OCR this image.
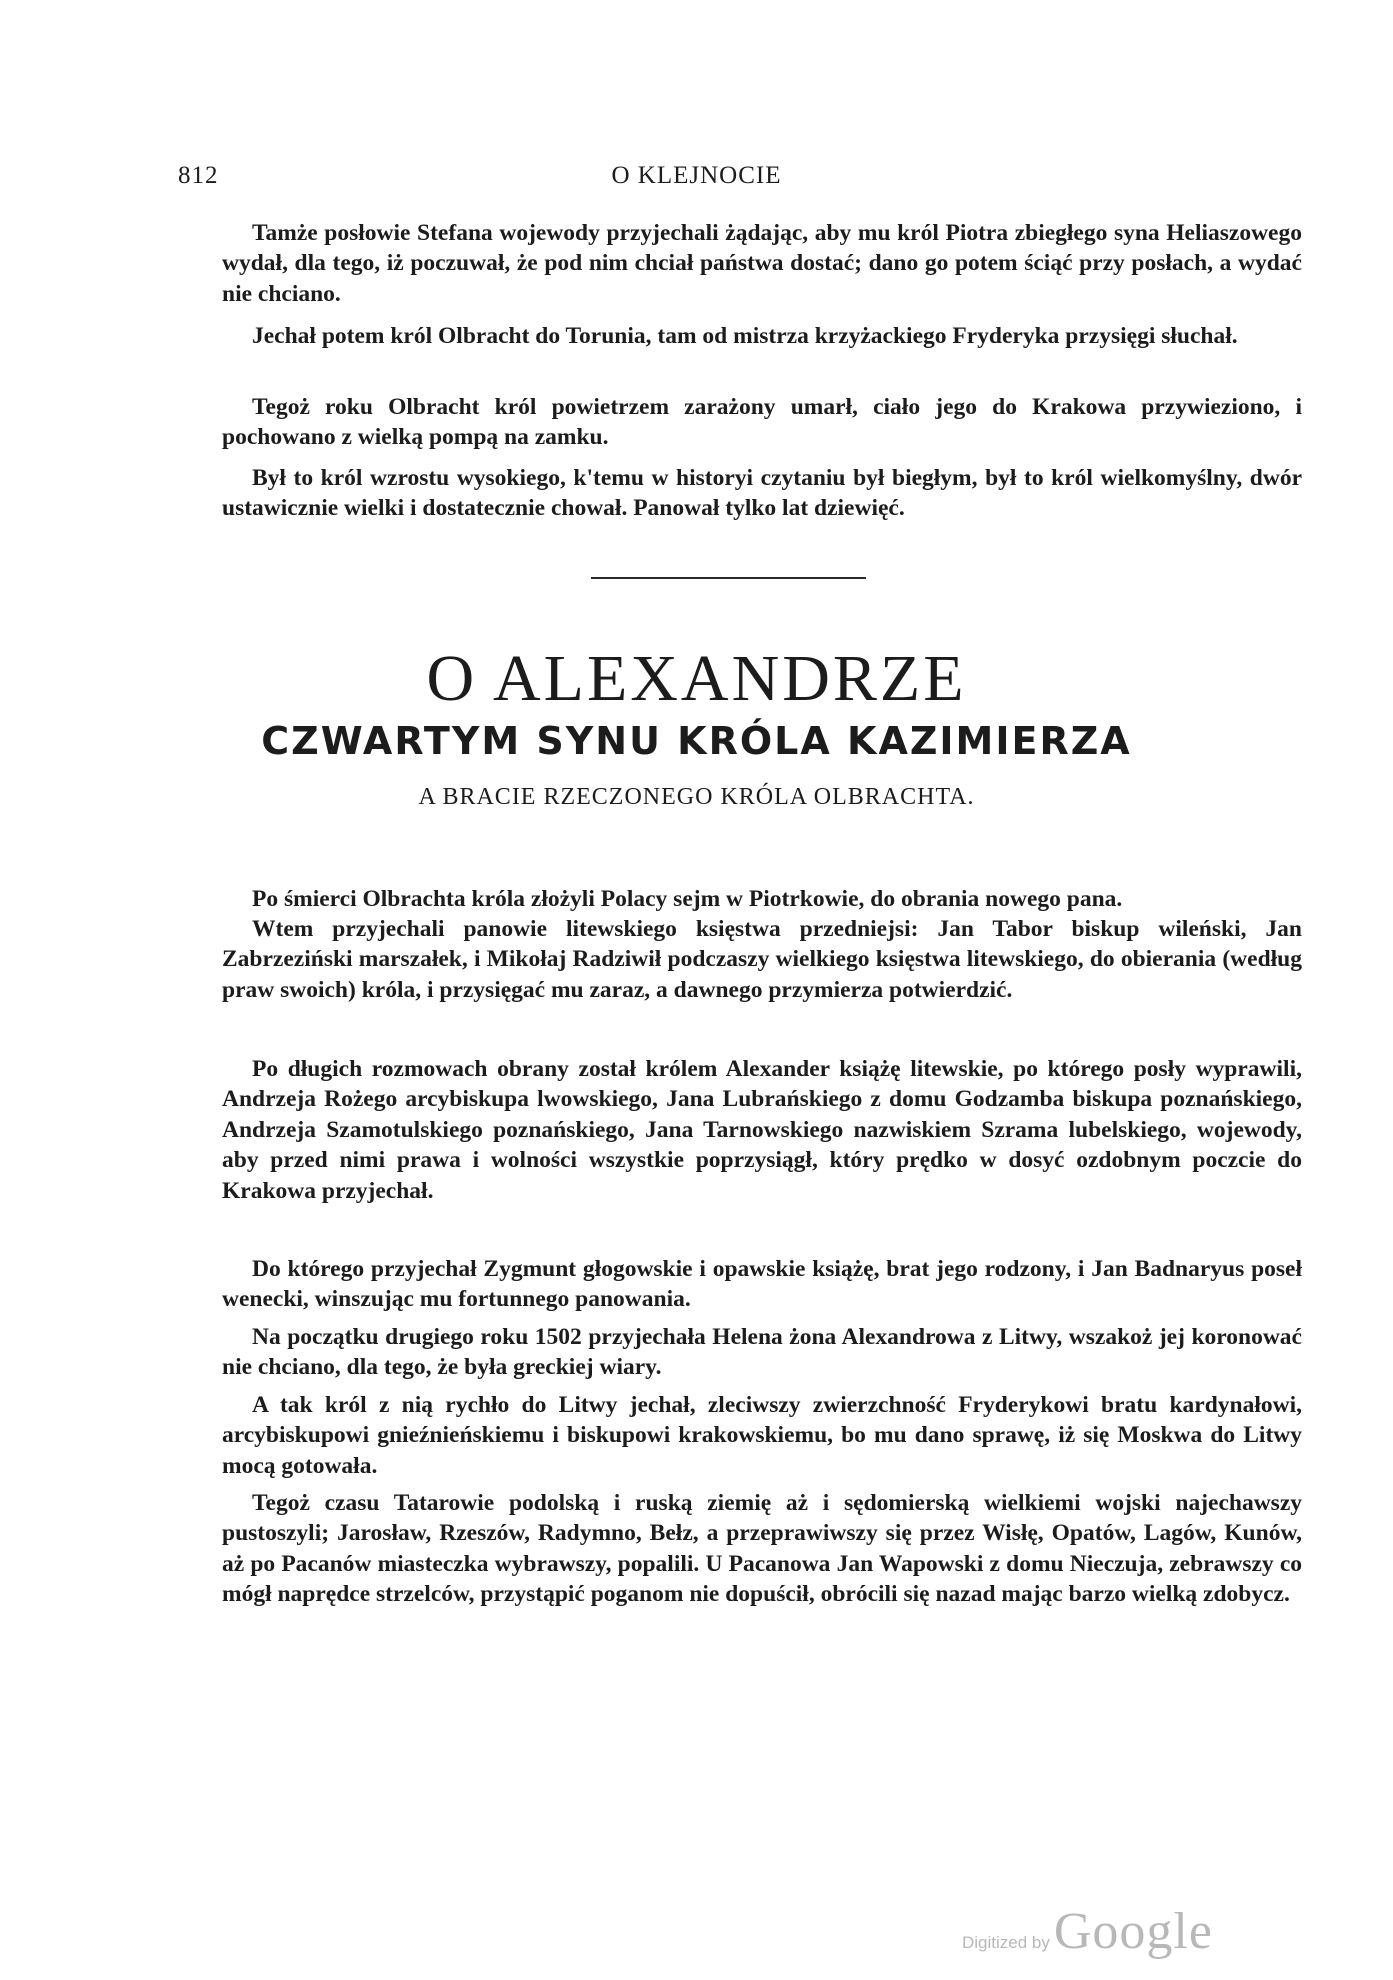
812	O KLEJNOCIE

Tamże posłowie Stefana wojewody przyjechali żądając, aby mu król Piotra zbiegłego syna Heliaszowego wydał, dla tego, iż poczuwał, że pod nim chciał państwa dostać; dano go potem ściąć przy posłach, a wydać nie chciano.

Jechał potem król Olbracht do Torunia, tam od mistrza krzyżackiego Fryderyka przysięgi słuchał.

Tegoż roku Olbracht król powietrzem zarażony umarł, ciało jego do Krakowa przywieziono, i pochowano z wielką pompą na zamku.

Był to król wzrostu wysokiego, k'temu w historyi czytaniu był biegłym, był to król wielkomyślny, dwór ustawicznie wielki i dostatecznie chował. Panował tylko lat dziewięć.

O ALEXANDRZE
CZWARTYM SYNU KRÓLA KAZIMIERZA
A BRACIE RZECZONEGO KRÓLA OLBRACHTA.

Po śmierci Olbrachta króla złożyli Polacy sejm w Piotrkowie, do obrania nowego pana.

Wtem przyjechali panowie litewskiego księstwa przedniejsi: Jan Tabor biskup wileński, Jan Zabrzeziński marszałek, i Mikołaj Radziwił podczaszy wielkiego księstwa litewskiego, do obierania (według praw swoich) króla, i przysięgać mu zaraz, a dawnego przymierza potwierdzić.

Po długich rozmowach obrany został królem Alexander książę litewskie, po którego posły wyprawili, Andrzeja Rożego arcybiskupa lwowskiego, Jana Lubrańskiego z domu Godzamba biskupa poznańskiego, Andrzeja Szamotulskiego poznańskiego, Jana Tarnowskiego nazwiskiem Szrama lubelskiego, wojewody, aby przed nimi prawa i wolności wszystkie poprzysiągł, który prędko w dosyć ozdobnym poczcie do Krakowa przyjechał.

Do którego przyjechał Zygmunt głogowskie i opawskie książę, brat jego rodzony, i Jan Badnaryus poseł wenecki, winszując mu fortunnego panowania.

Na początku drugiego roku 1502 przyjechała Helena żona Alexandrowa z Litwy, wszakoż jej koronować nie chciano, dla tego, że była greckiej wiary.

A tak król z nią rychło do Litwy jechał, zleciwszy zwierzchność Fryderykowi bratu kardynałowi, arcybiskupowi gnieźnieńskiemu i biskupowi krakowskiemu, bo mu dano sprawę, iż się Moskwa do Litwy mocą gotowała.

Tegoż czasu Tatarowie podolską i ruską ziemię aż i sędomierską wielkiemi wojski najechawszy pustoszyli; Jarosław, Rzeszów, Radymno, Bełz, a przeprawiwszy się przez Wisłę, Opatów, Lagów, Kunów, aż po Pacanów miasteczka wybrawszy, popalili. U Pacanowa Jan Wapowski z domu Nieczuja, zebrawszy co mógł naprędce strzelców, przystąpić poganom nie dopuścił, obrócili się nazad mając barzo wielką zdobycz.

Digitized by Google
